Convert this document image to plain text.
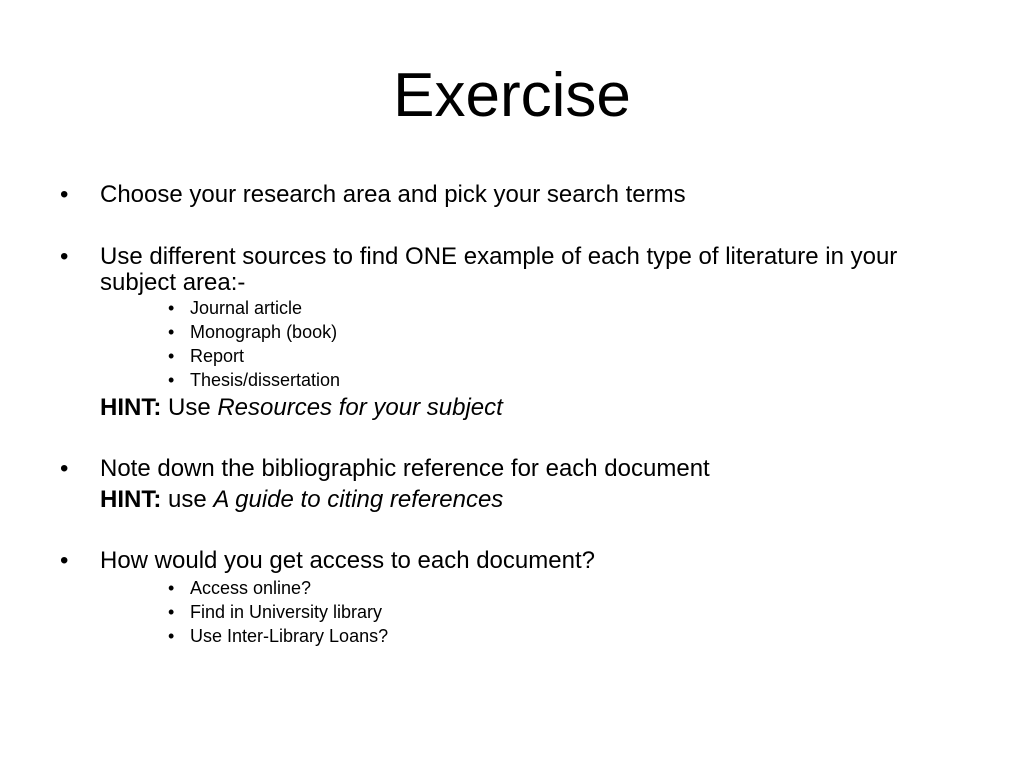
Exercise
• Choose your research area and pick your search terms
• Use different sources to find ONE example of each type of literature in your subject area:-
• Journal article
• Monograph (book)
• Report
• Thesis/dissertation
HINT: Use Resources for your subject
• Note down the bibliographic reference for each document
HINT: use A guide to citing references
• How would you get access to each document?
• Access online?
• Find in University library
• Use Inter-Library Loans?
